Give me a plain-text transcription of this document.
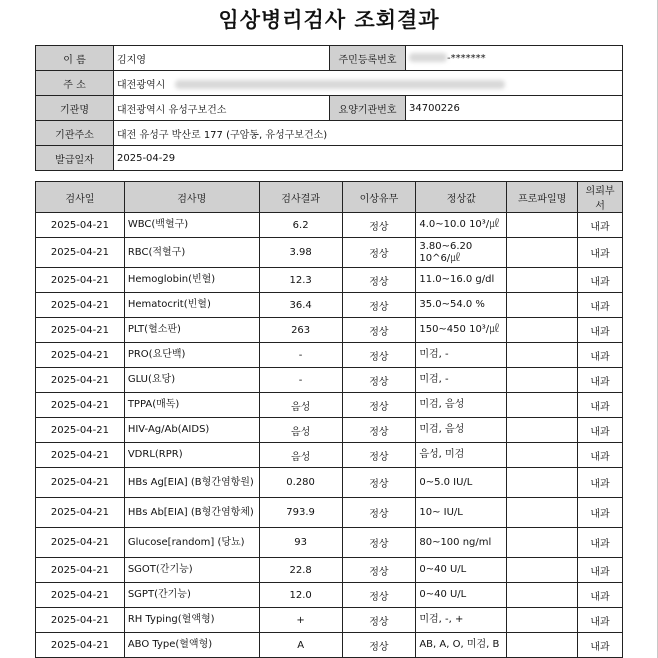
임상병리검사 조회결과
이 름	김지영	주민등록번호	-*******
주 소	대전광역시		
기관명	대전광역시 유성구보건소	요양기관번호	34700226
기관주소	대전 유성구 박산로 177 (구암동, 유성구보건소)		
발급일자	2025-04-29		
검사일	검사명	검사결과	이상유무	정상값	프로파일명	의뢰부서
2025-04-21	WBC(백혈구)	6.2	정상	4.0~10.0 10³/㎕		내과
2025-04-21	RBC(적혈구)	3.98	정상	3.80~6.20 10^6/㎕		내과
2025-04-21	Hemoglobin(빈혈)	12.3	정상	11.0~16.0 g/dl		내과
2025-04-21	Hematocrit(빈혈)	36.4	정상	35.0~54.0 %		내과
2025-04-21	PLT(혈소판)	263	정상	150~450 10³/㎕		내과
2025-04-21	PRO(요단백)	-	정상	미검, -		내과
2025-04-21	GLU(요당)	-	정상	미검, -		내과
2025-04-21	TPPA(매독)	음성	정상	미검, 음성		내과
2025-04-21	HIV-Ag/Ab(AIDS)	음성	정상	미검, 음성		내과
2025-04-21	VDRL(RPR)	음성	정상	음성, 미검		내과
2025-04-21	HBs Ag[EIA] (B형간염항원)	0.280	정상	0~5.0 IU/L		내과
2025-04-21	HBs Ab[EIA] (B형간염항체)	793.9	정상	10~ IU/L		내과
2025-04-21	Glucose[random] (당뇨)	93	정상	80~100 ng/ml		내과
2025-04-21	SGOT(간기능)	22.8	정상	0~40 U/L		내과
2025-04-21	SGPT(간기능)	12.0	정상	0~40 U/L		내과
2025-04-21	RH Typing(혈액형)	+	정상	미검, -, +		내과
2025-04-21	ABO Type(혈액형)	A	정상	AB, A, O, 미검, B		내과
